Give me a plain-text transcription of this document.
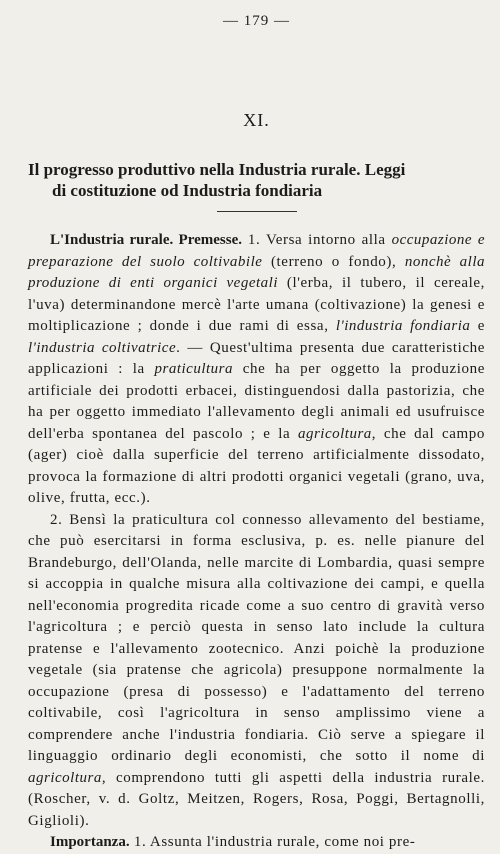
— 179 —
XI.
Il progresso produttivo nella Industria rurale. Leggi
di costituzione od Industria fondiaria

L'Industria rurale. Premesse. 1. Versa intorno alla occupazione e preparazione del suolo coltivabile (terreno o fondo), nonchè alla produzione di enti organici vegetali (l'erba, il tubero, il cereale, l'uva) determinandone mercè l'arte umana (coltivazione) la genesi e moltiplicazione ; donde i due rami di essa, l'industria fondiaria e l'industria coltivatrice. — Quest'ultima presenta due caratteristiche applicazioni : la praticultura che ha per oggetto la produzione artificiale dei prodotti erbacei, distinguendosi dalla pastorizia, che ha per oggetto immediato l'allevamento degli animali ed usufruisce dell'erba spontanea del pascolo ; e la agricoltura, che dal campo (ager) cioè dalla superficie del terreno artificialmente dissodato, provoca la formazione di altri prodotti organici vegetali (grano, uva, olive, frutta, ecc.).

2. Bensì la praticultura col connesso allevamento del bestiame, che può esercitarsi in forma esclusiva, p. es. nelle pianure del Brandeburgo, dell'Olanda, nelle marcite di Lombardia, quasi sempre si accoppia in qualche misura alla coltivazione dei campi, e quella nell'economia progredita ricade come a suo centro di gravità verso l'agricoltura ; e perciò questa in senso lato include la cultura pratense e l'allevamento zootecnico. Anzi poichè la produzione vegetale (sia pratense che agricola) presuppone normalmente la occupazione (presa di possesso) e l'adattamento del terreno coltivabile, così l'agricoltura in senso amplissimo viene a comprendere anche l'industria fondiaria. Ciò serve a spiegare il linguaggio ordinario degli economisti, che sotto il nome di agricoltura, comprendono tutti gli aspetti della industria rurale. (Roscher, v. d. Goltz, Meitzen, Rogers, Rosa, Poggi, Bertagnolli, Giglioli).

Importanza. 1. Assunta l'industria rurale, come noi pre-
